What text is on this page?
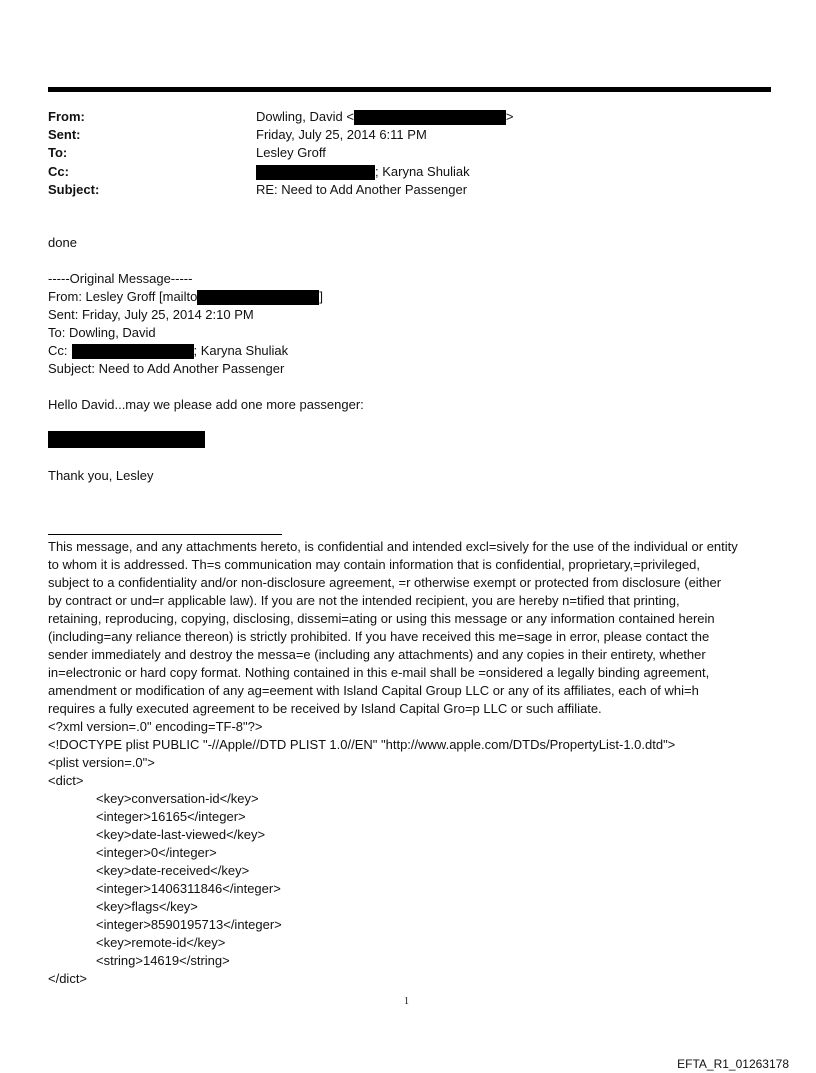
From:	Dowling, David <	>
Sent:	Friday, July 25, 2014 6:11 PM
To:	Lesley Groff
Cc:	; Karyna Shuliak
Subject:	RE: Need to Add Another Passenger
done
-----Original Message-----
From: Lesley Groff [mailto	]
Sent: Friday, July 25, 2014 2:10 PM
To: Dowling, David
Cc:	; Karyna Shuliak
Subject: Need to Add Another Passenger
Hello David...may we please add one more passenger:
Thank you, Lesley
This message, and any attachments hereto, is confidential and intended excl=sively for the use of the individual or entity
to whom it is addressed. Th=s communication may contain information that is confidential, proprietary,=privileged,
subject to a confidentiality and/or non-disclosure agreement, =r otherwise exempt or protected from disclosure (either
by contract or und=r applicable law). If you are not the intended recipient, you are hereby n=tified that printing,
retaining, reproducing, copying, disclosing, dissemi=ating or using this message or any information contained herein
(including=any reliance thereon) is strictly prohibited. If you have received this me=sage in error, please contact the
sender immediately and destroy the messa=e (including any attachments) and any copies in their entirety, whether
in=electronic or hard copy format. Nothing contained in this e-mail shall be =onsidered a legally binding agreement,
amendment or modification of any ag=eement with Island Capital Group LLC or any of its affiliates, each of whi=h
requires a fully executed agreement to be received by Island Capital Gro=p LLC or such affiliate.
<?xml version=.0" encoding=TF-8"?>
<!DOCTYPE plist PUBLIC "-//Apple//DTD PLIST 1.0//EN" "http://www.apple.com/DTDs/PropertyList-1.0.dtd">
<plist version=.0">
<dict>
<key>conversation-id</key>
<integer>16165</integer>
<key>date-last-viewed</key>
<integer>0</integer>
<key>date-received</key>
<integer>1406311846</integer>
<key>flags</key>
<integer>8590195713</integer>
<key>remote-id</key>
<string>14619</string>
</dict>
1
EFTA_R1_01263178
